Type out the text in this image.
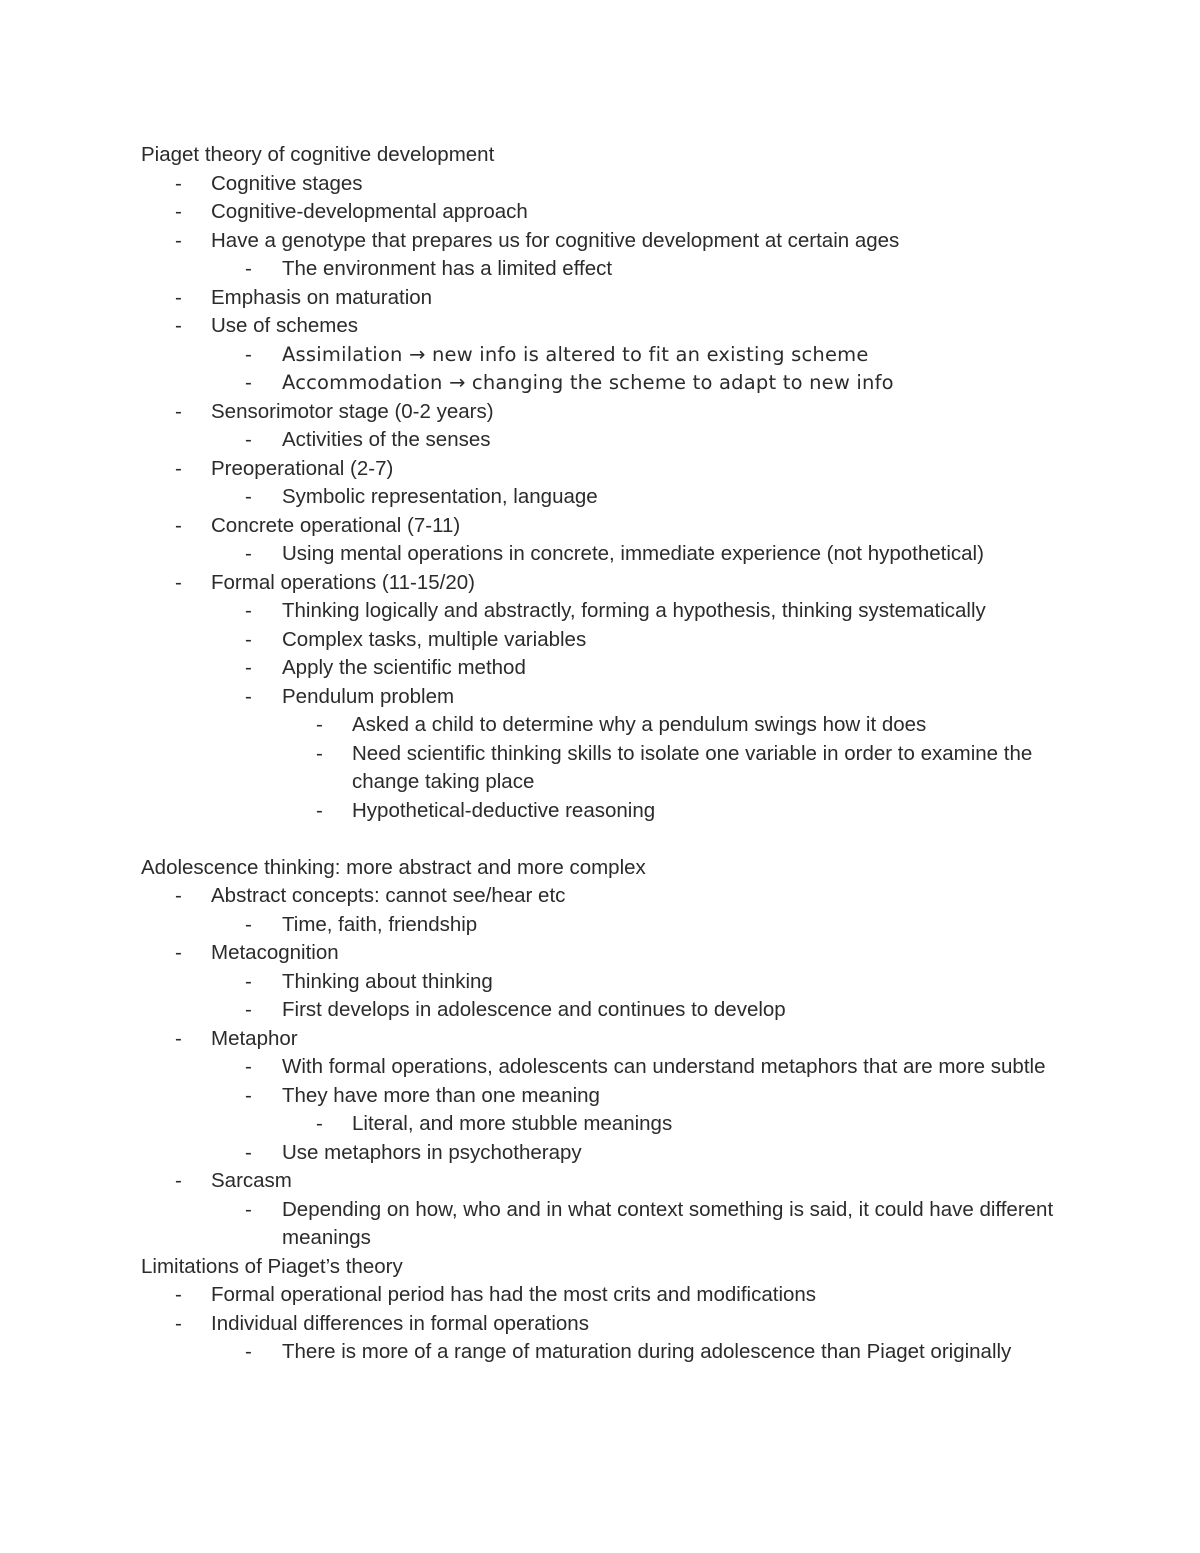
Piaget theory of cognitive development
- Cognitive stages
- Cognitive-developmental approach
- Have a genotype that prepares us for cognitive development at certain ages
- The environment has a limited effect
- Emphasis on maturation
- Use of schemes
- Assimilation → new info is altered to fit an existing scheme
- Accommodation → changing the scheme to adapt to new info
- Sensorimotor stage (0-2 years)
- Activities of the senses
- Preoperational (2-7)
- Symbolic representation, language
- Concrete operational (7-11)
- Using mental operations in concrete, immediate experience (not hypothetical)
- Formal operations (11-15/20)
- Thinking logically and abstractly, forming a hypothesis, thinking systematically
- Complex tasks, multiple variables
- Apply the scientific method
- Pendulum problem
- Asked a child to determine why a pendulum swings how it does
- Need scientific thinking skills to isolate one variable in order to examine the change taking place
- Hypothetical-deductive reasoning
Adolescence thinking: more abstract and more complex
- Abstract concepts: cannot see/hear etc
- Time, faith, friendship
- Metacognition
- Thinking about thinking
- First develops in adolescence and continues to develop
- Metaphor
- With formal operations, adolescents can understand metaphors that are more subtle
- They have more than one meaning
- Literal, and more stubble meanings
- Use metaphors in psychotherapy
- Sarcasm
- Depending on how, who and in what context something is said, it could have different meanings
Limitations of Piaget’s theory
- Formal operational period has had the most crits and modifications
- Individual differences in formal operations
- There is more of a range of maturation during adolescence than Piaget originally
